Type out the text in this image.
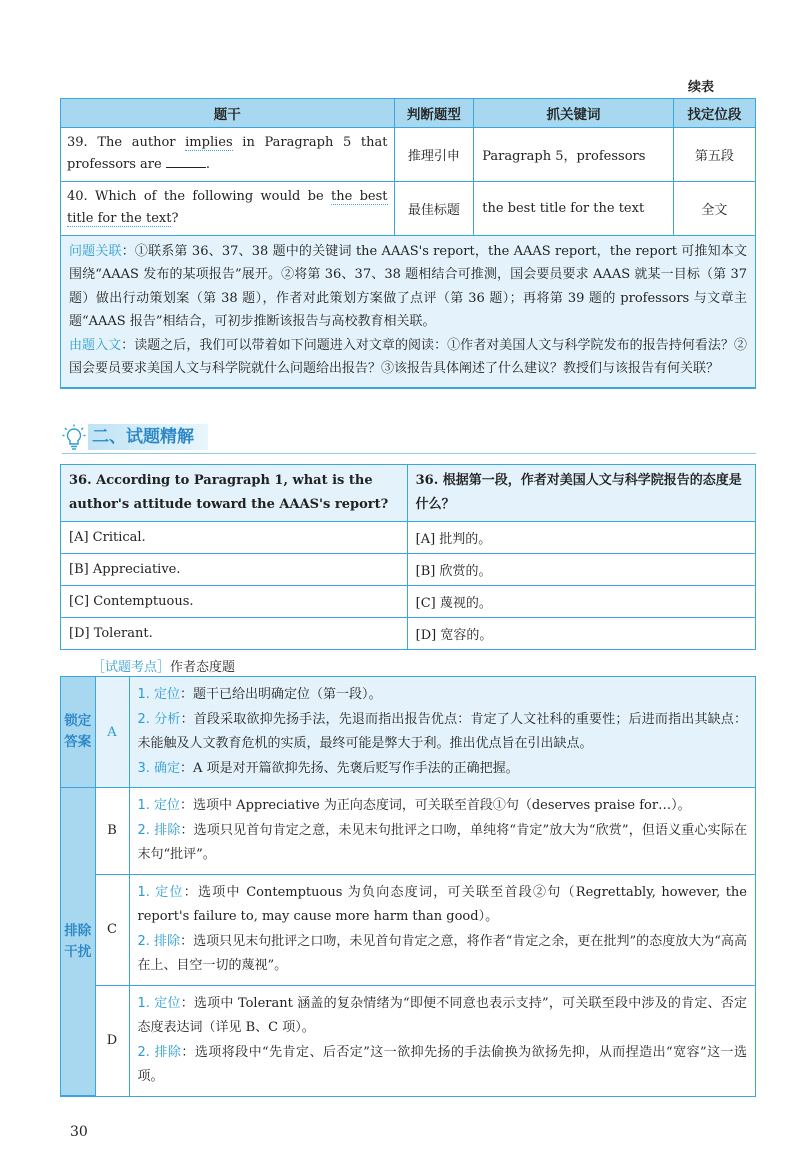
续表
题干	判断题型	抓关键词	找定位段
39. The author implies in Paragraph 5 that professors are .	推理引申	Paragraph 5，professors	第五段
40. Which of the following would be the best title for the text?	最佳标题	the best title for the text	全文

问题关联：①联系第 36、37、38 题中的关键词 the AAAS's report，the AAAS report，the report 可推知本文围绕“AAAS 发布的某项报告”展开。②将第 36、37、38 题相结合可推测，国会要员要求 AAAS 就某一目标（第 37 题）做出行动策划案（第 38 题），作者对此策划方案做了点评（第 36 题）；再将第 39 题的 professors 与文章主题“AAAS 报告”相结合，可初步推断该报告与高校教育相关联。
由题入文：读题之后，我们可以带着如下问题进入对文章的阅读：①作者对美国人文与科学院发布的报告持何看法？②国会要员要求美国人文与科学院就什么问题给出报告？③该报告具体阐述了什么建议？教授们与该报告有何关联？			
二、试题精解
36. According to Paragraph 1, what is the author's attitude toward the AAAS's report?	36. 根据第一段，作者对美国人文与科学院报告的态度是什么？
[A] Critical.	[A] 批判的。
[B] Appreciative.	[B] 欣赏的。
[C] Contemptuous.	[C] 蔑视的。
[D] Tolerant.	[D] 宽容的。
［试题考点］作者态度题
锁定答案	A	1. 定位：题干已给出明确定位（第一段）。
2. 分析：首段采取欲抑先扬手法，先退而指出报告优点：肯定了人文社科的重要性；后进而指出其缺点：未能触及人文教育危机的实质，最终可能是弊大于利。推出优点旨在引出缺点。
3. 确定：A 项是对开篇欲抑先扬、先褒后贬写作手法的正确把握。

排除干扰	B	1. 定位：选项中 Appreciative 为正向态度词，可关联至首段①句（deserves praise for…）。
2. 排除：选项只见首句肯定之意，未见末句批评之口吻，单纯将“肯定”放大为“欣赏”，但语义重心实际在末句“批评”。

	C	1. 定位：选项中 Contemptuous 为负向态度词，可关联至首段②句（Regrettably, however, the report's failure to, may cause more harm than good）。
2. 排除：选项只见末句批评之口吻，未见首句肯定之意，将作者“肯定之余，更在批判”的态度放大为“高高在上、目空一切的蔑视”。

	D	1. 定位：选项中 Tolerant 涵盖的复杂情绪为“即便不同意也表示支持”，可关联至段中涉及的肯定、否定态度表达词（详见 B、C 项）。
2. 排除：选项将段中“先肯定、后否定”这一欲抑先扬的手法偷换为欲扬先抑，从而捏造出“宽容”这一选项。
30
